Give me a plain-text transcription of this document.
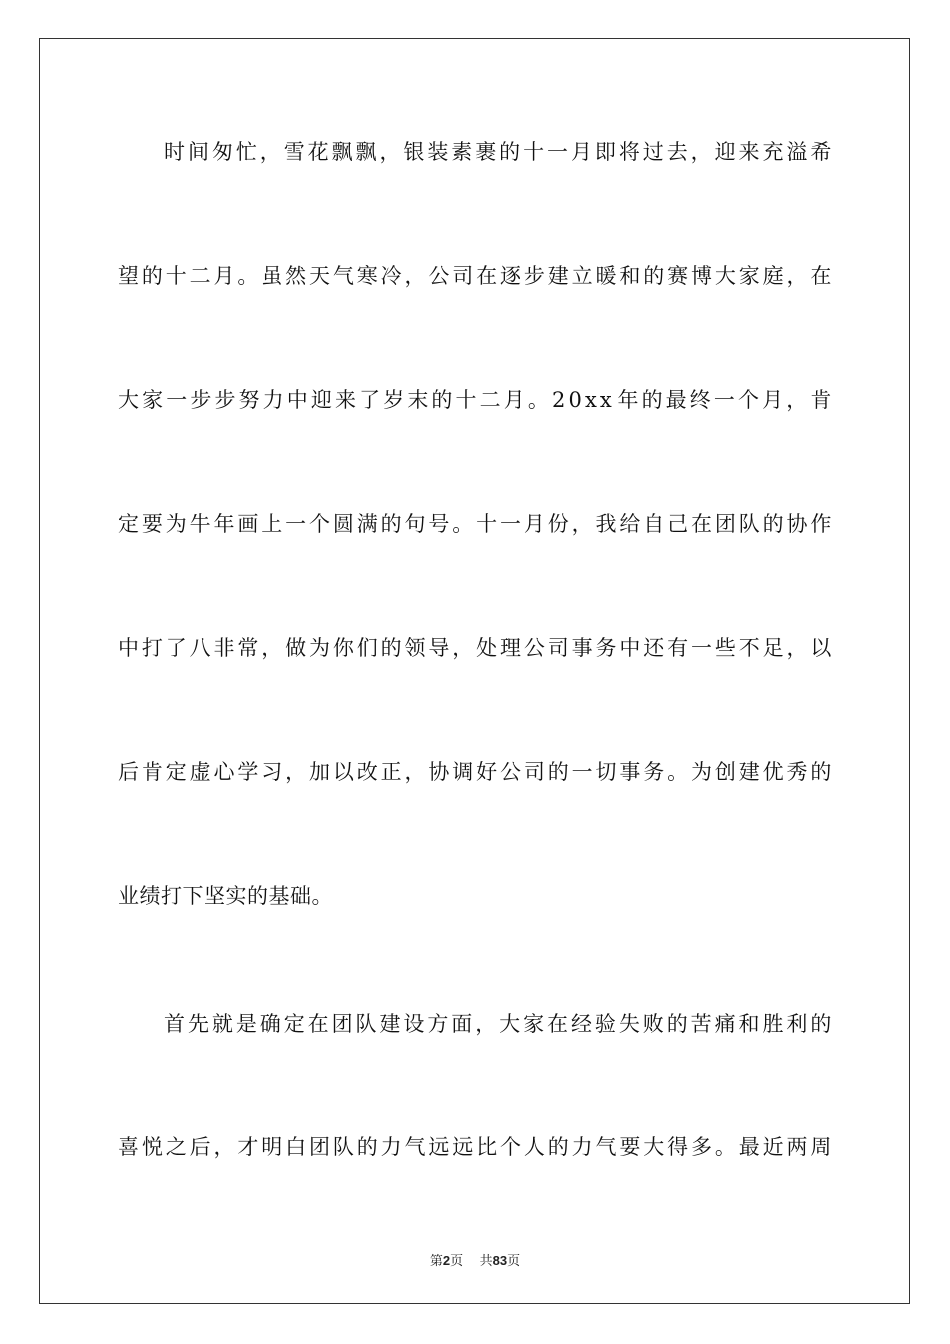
时 间 匆 忙 ， 雪 花 飘 飘 ， 银 装 素 裹 的 十 一 月 即 将 过 去 ， 迎 来 充 溢 希
望 的 十 二 月 。 虽 然 天 气 寒 冷 ， 公 司 在 逐 步 建 立 暖 和 的 赛 博 大 家 庭 ， 在
大 家 一 步 步 努 力 中 迎 来 了 岁 末 的 十 二 月 。 2 0 x x 年 的 最 终 一 个 月 ， 肯
定 要 为 牛 年 画 上 一 个 圆 满 的 句 号 。 十 一 月 份 ， 我 给 自 己 在 团 队 的 协 作
中 打 了 八 非 常 ， 做 为 你 们 的 领 导 ， 处 理 公 司 事 务 中 还 有 一 些 不 足 ， 以
后 肯 定 虚 心 学 习 ， 加 以 改 正 ， 协 调 好 公 司 的 一 切 事 务 。 为 创 建 优 秀 的
业绩打下坚实的基础。
首 先 就 是 确 定 在 团 队 建 设 方 面 ， 大 家 在 经 验 失 败 的 苦 痛 和 胜 利 的
喜 悦 之 后 ， 才 明 白 团 队 的 力 气 远 远 比 个 人 的 力 气 要 大 得 多 。 最 近 两 周
第2页 共83页
